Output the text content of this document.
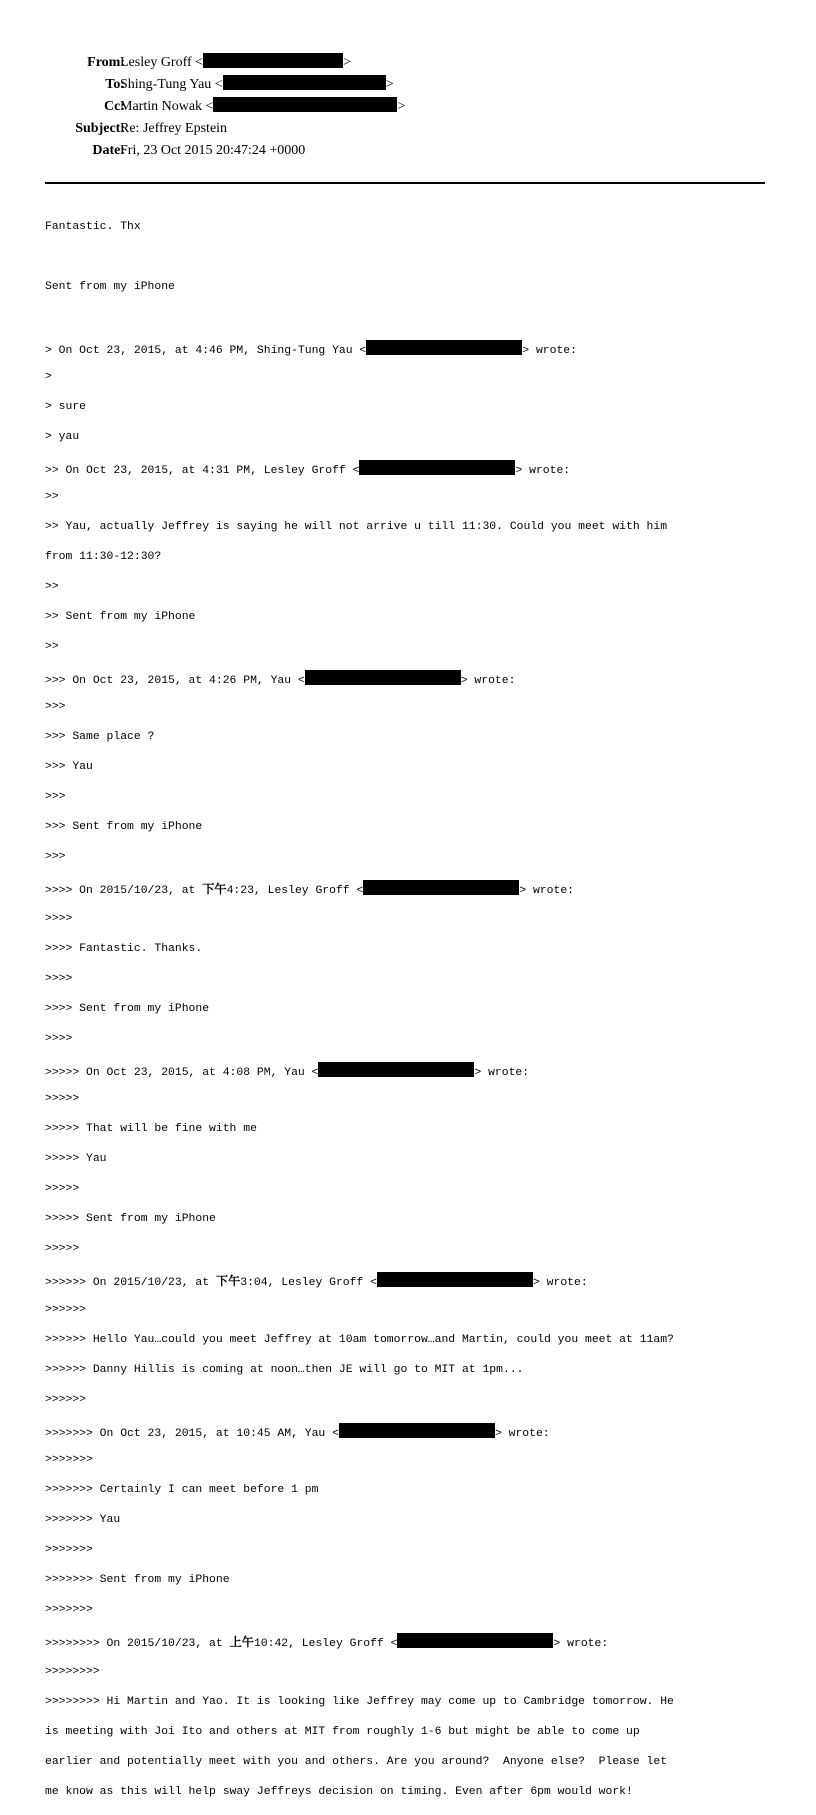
From:
Lesley Groff <	>
To:
Shing-Tung Yau <	>
Cc:
Martin Nowak <	>
Subject:
Re: Jeffrey Epstein
Date:
Fri, 23 Oct 2015 20:47:24 +0000

Fantastic. Thx

Sent from my iPhone

> On Oct 23, 2015, at 4:46 PM, Shing-Tung Yau <	> wrote:

>

> sure

> yau

>> On Oct 23, 2015, at 4:31 PM, Lesley Groff <	> wrote:

>>

>> Yau, actually Jeffrey is saying he will not arrive u till 11:30. Could you meet with him

from 11:30-12:30?

>>

>> Sent from my iPhone

>>

>>> On Oct 23, 2015, at 4:26 PM, Yau <	> wrote:

>>>

>>> Same place ?

>>> Yau

>>>

>>> Sent from my iPhone

>>>

>>>> On 2015/10/23, at 下午4:23, Lesley Groff <	> wrote:

>>>>

>>>> Fantastic. Thanks.

>>>>

>>>> Sent from my iPhone

>>>>

>>>>> On Oct 23, 2015, at 4:08 PM, Yau <	> wrote:

>>>>>

>>>>> That will be fine with me

>>>>> Yau

>>>>>

>>>>> Sent from my iPhone

>>>>>

>>>>>> On 2015/10/23, at 下午3:04, Lesley Groff <	> wrote:

>>>>>>

>>>>>> Hello Yau…could you meet Jeffrey at 10am tomorrow…and Martin, could you meet at 11am?

>>>>>> Danny Hillis is coming at noon…then JE will go to MIT at 1pm...

>>>>>>

>>>>>>> On Oct 23, 2015, at 10:45 AM, Yau <	> wrote:

>>>>>>>

>>>>>>> Certainly I can meet before 1 pm

>>>>>>> Yau

>>>>>>>

>>>>>>> Sent from my iPhone

>>>>>>>

>>>>>>>> On 2015/10/23, at 上午10:42, Lesley Groff <	> wrote:

>>>>>>>>

>>>>>>>> Hi Martin and Yao. It is looking like Jeffrey may come up to Cambridge tomorrow. He

is meeting with Joi Ito and others at MIT from roughly 1-6 but might be able to come up

earlier and potentially meet with you and others. Are you around?  Anyone else?  Please let

me know as this will help sway Jeffreys decision on timing. Even after 6pm would work!
